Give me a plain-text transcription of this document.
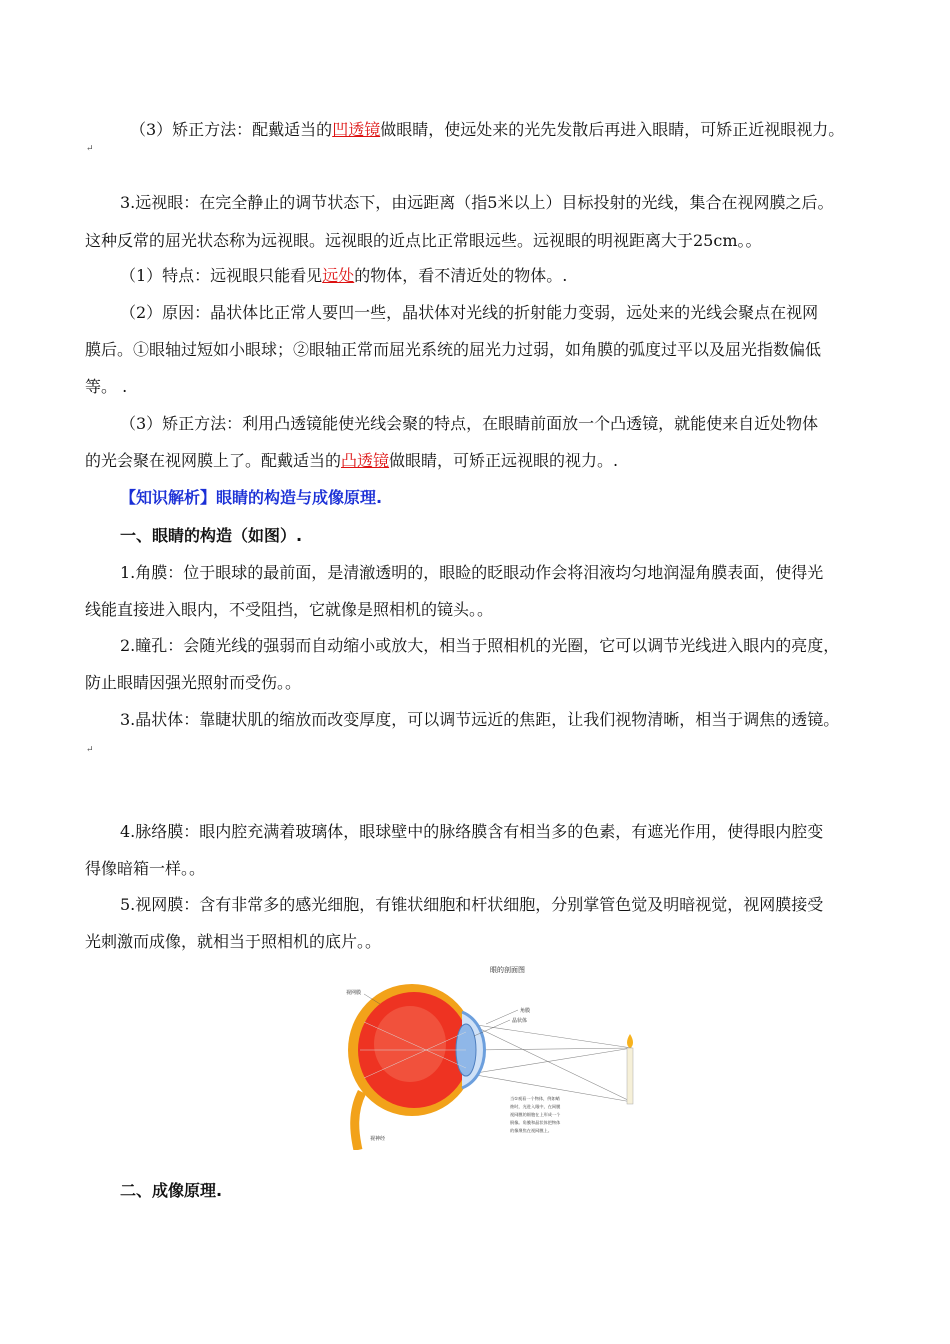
（3）矫正方法：配戴适当的凹透镜做眼睛，使远处来的光先发散后再进入眼睛，可矫正近视眼视力。
↵
3.远视眼：在完全静止的调节状态下，由远距离（指5米以上）目标投射的光线，集合在视网膜之后。
这种反常的屈光状态称为远视眼。远视眼的近点比正常眼远些。远视眼的明视距离大于25cm。。
（1）特点：远视眼只能看见远处的物体，看不清近处的物体。.
（2）原因：晶状体比正常人要凹一些，晶状体对光线的折射能力变弱，远处来的光线会聚点在视网
膜后。①眼轴过短如小眼球；②眼轴正常而屈光系统的屈光力过弱，如角膜的弧度过平以及屈光指数偏低
等。 .
（3）矫正方法：利用凸透镜能使光线会聚的特点，在眼睛前面放一个凸透镜，就能使来自近处物体
的光会聚在视网膜上了。配戴适当的凸透镜做眼睛，可矫正远视眼的视力。.
【知识解析】眼睛的构造与成像原理.
一、眼睛的构造（如图）.
1.角膜：位于眼球的最前面，是清澈透明的，眼睑的眨眼动作会将泪液均匀地润湿角膜表面，使得光
线能直接进入眼内，不受阻挡，它就像是照相机的镜头。。
2.瞳孔：会随光线的强弱而自动缩小或放大，相当于照相机的光圈，它可以调节光线进入眼内的亮度，
防止眼睛因强光照射而受伤。。
3.晶状体：靠睫状肌的缩放而改变厚度，可以调节远近的焦距，让我们视物清晰，相当于调焦的透镜。
↵
4.脉络膜：眼内腔充满着玻璃体，眼球壁中的脉络膜含有相当多的色素，有遮光作用，使得眼内腔变
得像暗箱一样。。
5.视网膜：含有非常多的感光细胞，有锥状细胞和杆状细胞，分别掌管色觉及明暗视觉，视网膜接受
光刺激而成像，就相当于照相机的底片。。
二、成像原理.
眼的剖面图
视网膜
角膜
晶状体
视神经
当①观看一个物体，例如蜡
烛时，光进入眼中，在网膜
视网膜的细胞在上形成一个
倒像。角膜和晶状体把物体
的像聚焦在视网膜上。
